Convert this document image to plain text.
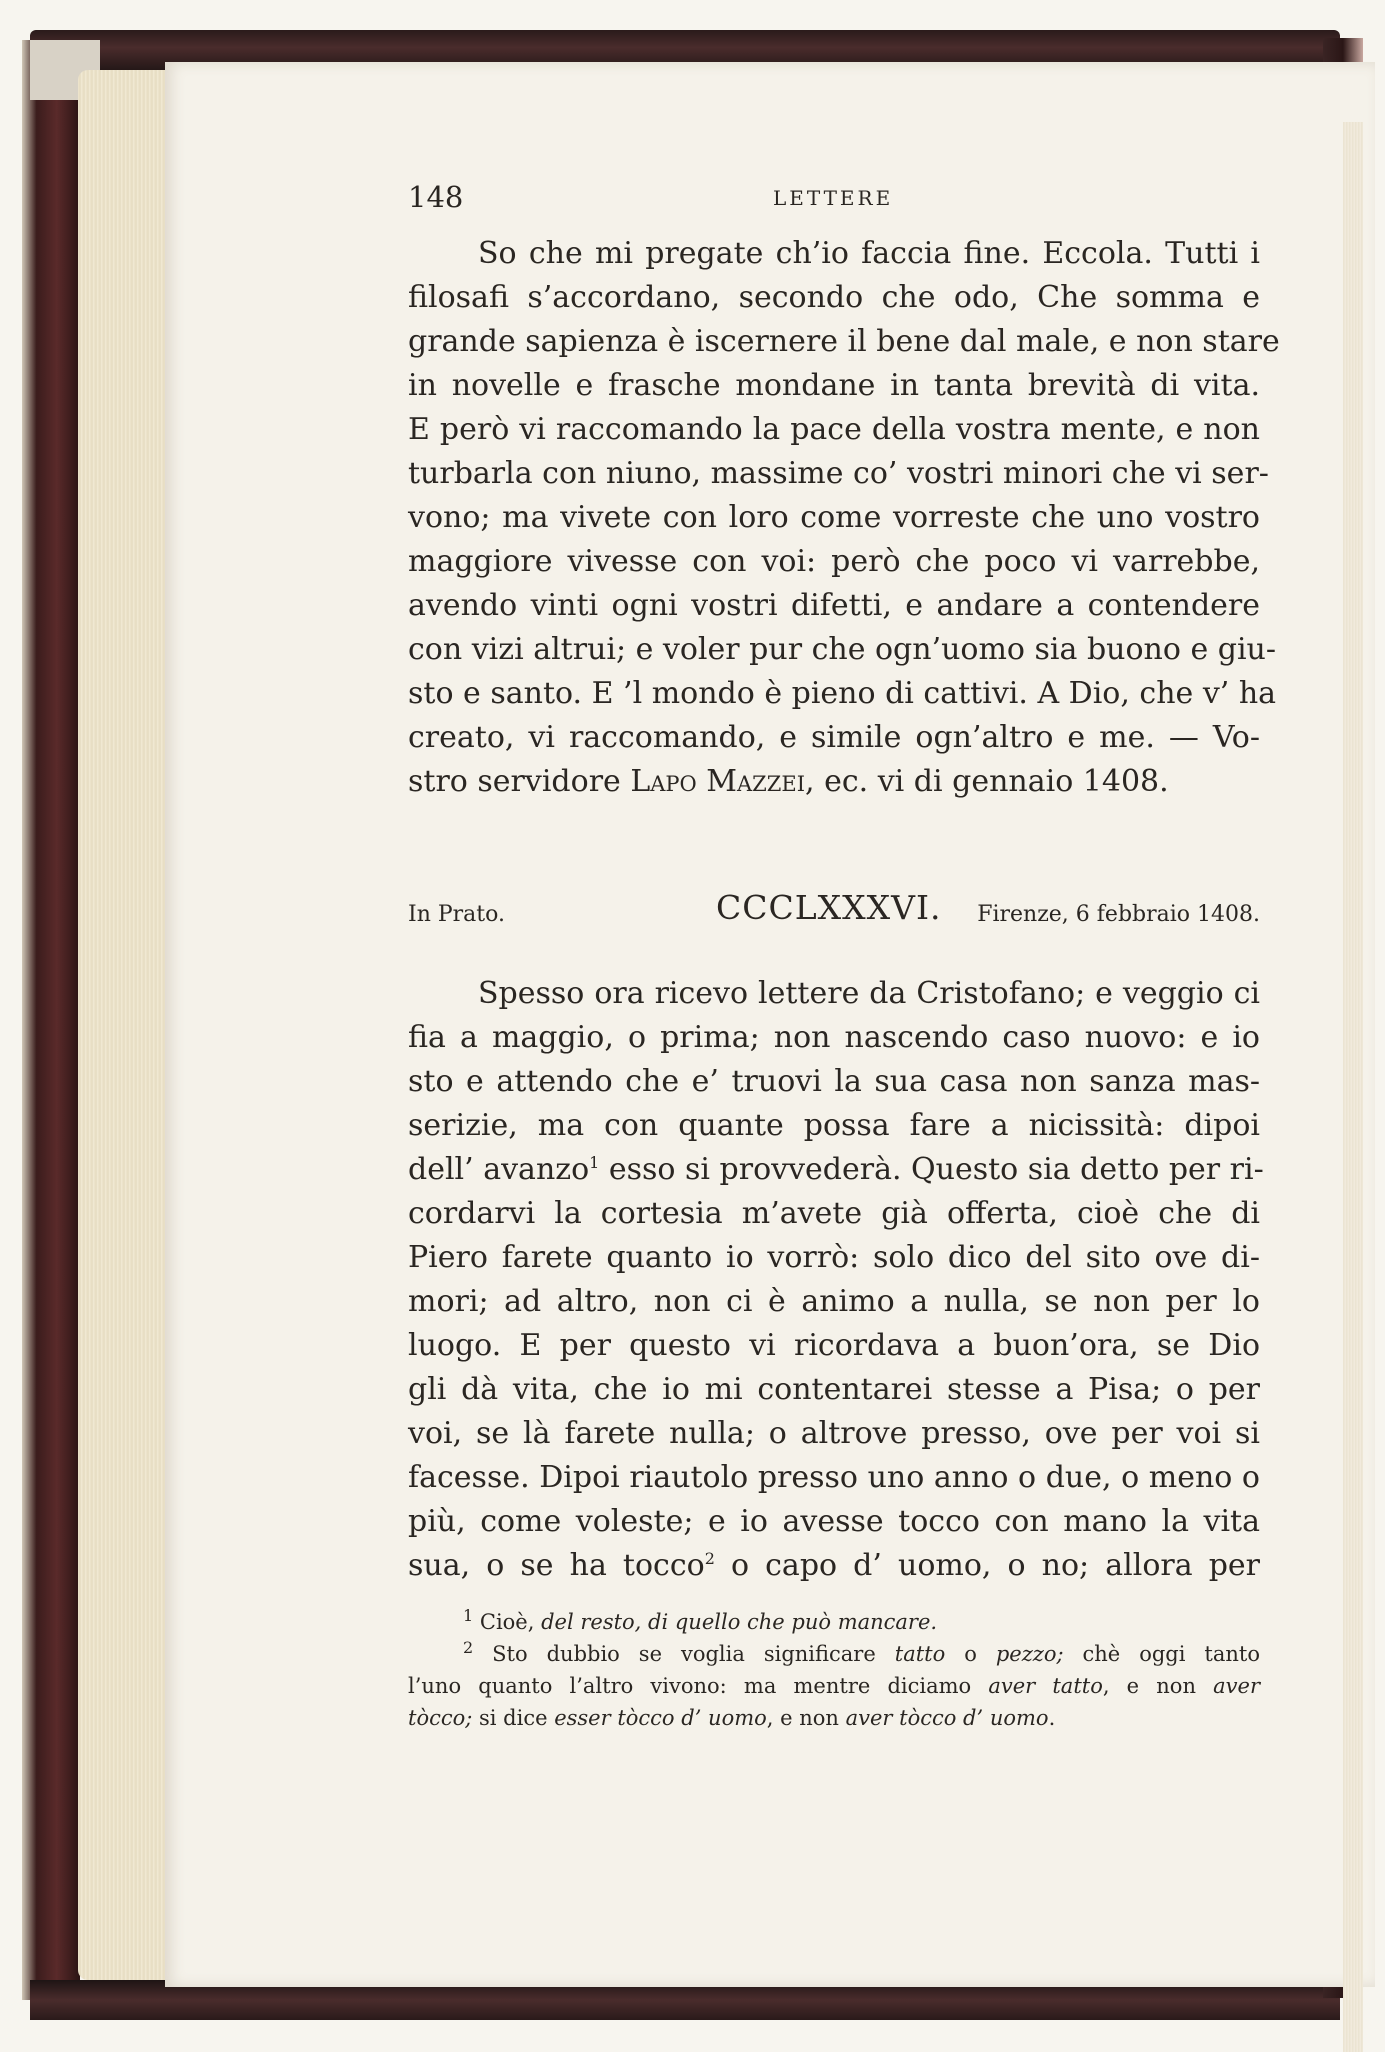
148	LETTERE
So che mi pregate ch’io faccia fine. Eccola. Tutti i
filosafi s’accordano, secondo che odo, Che somma e
grande sapienza è iscernere il bene dal male, e non stare
in novelle e frasche mondane in tanta brevità di vita.
E però vi raccomando la pace della vostra mente, e non
turbarla con niuno, massime co’ vostri minori che vi ser-
vono; ma vivete con loro come vorreste che uno vostro
maggiore vivesse con voi: però che poco vi varrebbe,
avendo vinti ogni vostri difetti, e andare a contendere
con vizi altrui; e voler pur che ogn’uomo sia buono e giu-
sto e santo. E ’l mondo è pieno di cattivi. A Dio, che v’ ha
creato, vi raccomando, e simile ogn’altro e me. — Vo-
stro servidore Lapo Mazzei, ec. vi di gennaio 1408.
In Prato.	CCCLXXXVI. Firenze, 6 febbraio 1408.
Spesso ora ricevo lettere da Cristofano; e veggio ci
fia a maggio, o prima; non nascendo caso nuovo: e io
sto e attendo che e’ truovi la sua casa non sanza mas-
serizie, ma con quante possa fare a nicissità: dipoi
dell’ avanzo$^1$ esso si provvederà. Questo sia detto per ri-
cordarvi la cortesia m’avete già offerta, cioè che di
Piero farete quanto io vorrò: solo dico del sito ove di-
mori; ad altro, non ci è animo a nulla, se non per lo
luogo. E per questo vi ricordava a buon’ora, se Dio
gli dà vita, che io mi contentarei stesse a Pisa; o per
voi, se là farete nulla; o altrove presso, ove per voi si
facesse. Dipoi riautolo presso uno anno o due, o meno o
più, come voleste; e io avesse tocco con mano la vita
sua, o se ha tocco$^2$ o capo d’ uomo, o no; allora per
$^1$ Cioè, del resto, di quello che può mancare.
$^2$ Sto dubbio se voglia significare tatto o pezzo; chè oggi tanto
l’uno quanto l’altro vivono: ma mentre diciamo aver tatto, e non aver
tòcco; si dice esser tòcco d’ uomo, e non aver tòcco d’ uomo.
